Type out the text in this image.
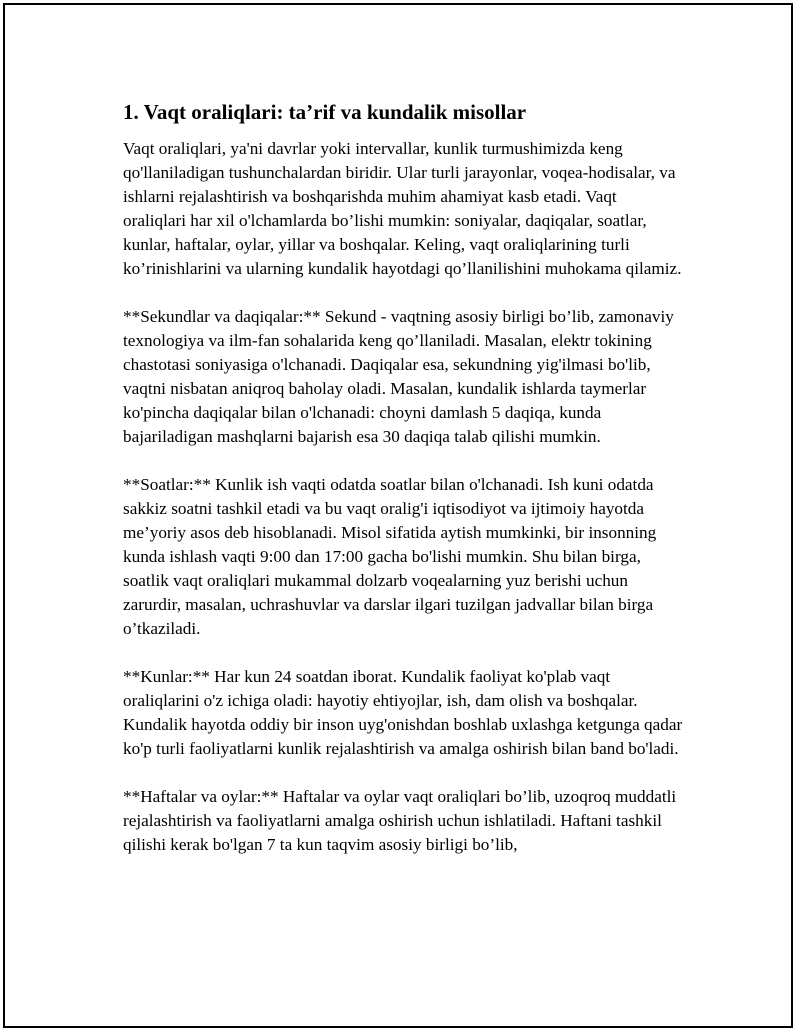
1. Vaqt oraliqlari: ta’rif va kundalik misollar

Vaqt oraliqlari, ya'ni davrlar yoki intervallar, kunlik turmushimizda keng qo'llaniladigan tushunchalardan biridir. Ular turli jarayonlar, voqea-hodisalar, va ishlarni rejalashtirish va boshqarishda muhim ahamiyat kasb etadi. Vaqt oraliqlari har xil o'lchamlarda bo’lishi mumkin: soniyalar, daqiqalar, soatlar, kunlar, haftalar, oylar, yillar va boshqalar. Keling, vaqt oraliqlarining turli ko’rinishlarini va ularning kundalik hayotdagi qo’llanilishini muhokama qilamiz.

**Sekundlar va daqiqalar:** Sekund - vaqtning asosiy birligi bo’lib, zamonaviy texnologiya va ilm-fan sohalarida keng qo’llaniladi. Masalan, elektr tokining chastotasi soniyasiga o'lchanadi. Daqiqalar esa, sekundning yig'ilmasi bo'lib, vaqtni nisbatan aniqroq baholay oladi. Masalan, kundalik ishlarda taymerlar ko'pincha daqiqalar bilan o'lchanadi: choyni damlash 5 daqiqa, kunda bajariladigan mashqlarni bajarish esa 30 daqiqa talab qilishi mumkin.

**Soatlar:** Kunlik ish vaqti odatda soatlar bilan o'lchanadi. Ish kuni odatda sakkiz soatni tashkil etadi va bu vaqt oralig'i iqtisodiyot va ijtimoiy hayotda me’yoriy asos deb hisoblanadi. Misol sifatida aytish mumkinki, bir insonning kunda ishlash vaqti 9:00 dan 17:00 gacha bo'lishi mumkin. Shu bilan birga, soatlik vaqt oraliqlari mukammal dolzarb voqealarning yuz berishi uchun zarurdir, masalan, uchrashuvlar va darslar ilgari tuzilgan jadvallar bilan birga o’tkaziladi.

**Kunlar:** Har kun 24 soatdan iborat. Kundalik faoliyat ko'plab vaqt oraliqlarini o'z ichiga oladi: hayotiy ehtiyojlar, ish, dam olish va boshqalar. Kundalik hayotda oddiy bir inson uyg'onishdan boshlab uxlashga ketgunga qadar ko'p turli faoliyatlarni kunlik rejalashtirish va amalga oshirish bilan band bo'ladi.

**Haftalar va oylar:** Haftalar va oylar vaqt oraliqlari bo’lib, uzoqroq muddatli rejalashtirish va faoliyatlarni amalga oshirish uchun ishlatiladi. Haftani tashkil qilishi kerak bo'lgan 7 ta kun taqvim asosiy birligi bo’lib,
